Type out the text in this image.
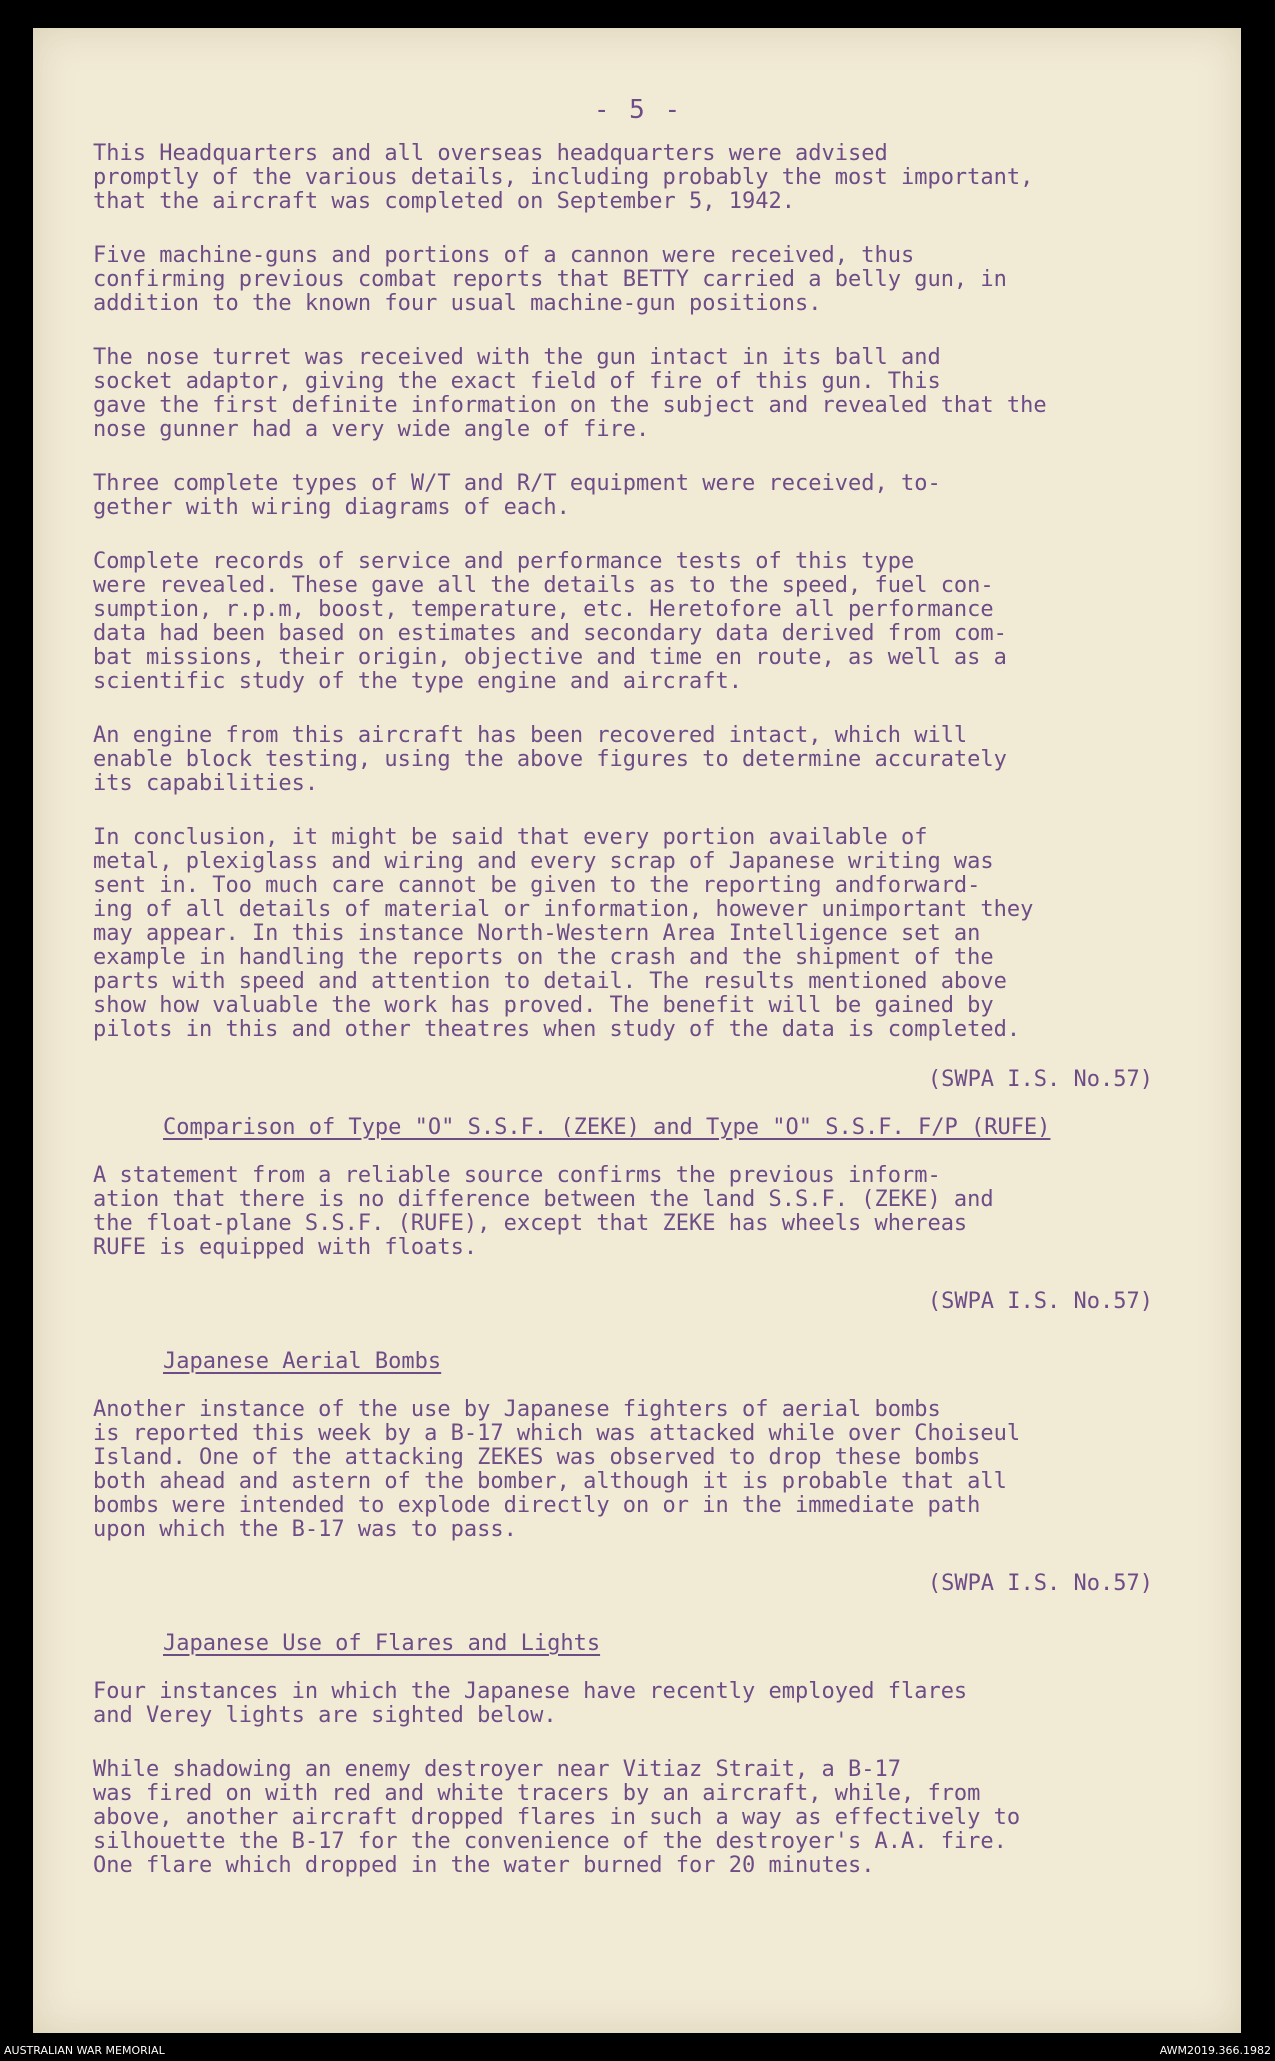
- 5 -
This Headquarters and all overseas headquarters were advised
promptly of the various details, including probably the most important,
that the aircraft was completed on September 5, 1942.
Five machine-guns and portions of a cannon were received, thus
confirming previous combat reports that BETTY carried a belly gun, in
addition to the known four usual machine-gun positions.
The nose turret was received with the gun intact in its ball and
socket adaptor, giving the exact field of fire of this gun. This
gave the first definite information on the subject and revealed that the
nose gunner had a very wide angle of fire.
Three complete types of W/T and R/T equipment were received, to-
gether with wiring diagrams of each.
Complete records of service and performance tests of this type
were revealed. These gave all the details as to the speed, fuel con-
sumption, r.p.m, boost, temperature, etc. Heretofore all performance
data had been based on estimates and secondary data derived from com-
bat missions, their origin, objective and time en route, as well as a
scientific study of the type engine and aircraft.
An engine from this aircraft has been recovered intact, which will
enable block testing, using the above figures to determine accurately
its capabilities.
In conclusion, it might be said that every portion available of
metal, plexiglass and wiring and every scrap of Japanese writing was
sent in. Too much care cannot be given to the reporting andforward-
ing of all details of material or information, however unimportant they
may appear. In this instance North-Western Area Intelligence set an
example in handling the reports on the crash and the shipment of the
parts with speed and attention to detail. The results mentioned above
show how valuable the work has proved. The benefit will be gained by
pilots in this and other theatres when study of the data is completed.
(SWPA I.S. No.57)
Comparison of Type "O" S.S.F. (ZEKE) and Type "O" S.S.F. F/P (RUFE)
A statement from a reliable source confirms the previous inform-
ation that there is no difference between the land S.S.F. (ZEKE) and
the float-plane S.S.F. (RUFE), except that ZEKE has wheels whereas
RUFE is equipped with floats.
(SWPA I.S. No.57)
Japanese Aerial Bombs
Another instance of the use by Japanese fighters of aerial bombs
is reported this week by a B-17 which was attacked while over Choiseul
Island. One of the attacking ZEKES was observed to drop these bombs
both ahead and astern of the bomber, although it is probable that all
bombs were intended to explode directly on or in the immediate path
upon which the B-17 was to pass.
(SWPA I.S. No.57)
Japanese Use of Flares and Lights
Four instances in which the Japanese have recently employed flares
and Verey lights are sighted below.
While shadowing an enemy destroyer near Vitiaz Strait, a B-17
was fired on with red and white tracers by an aircraft, while, from
above, another aircraft dropped flares in such a way as effectively to
silhouette the B-17 for the convenience of the destroyer's A.A. fire.
One flare which dropped in the water burned for 20 minutes.
AUSTRALIAN WAR MEMORIAL	AWM2019.366.1982
